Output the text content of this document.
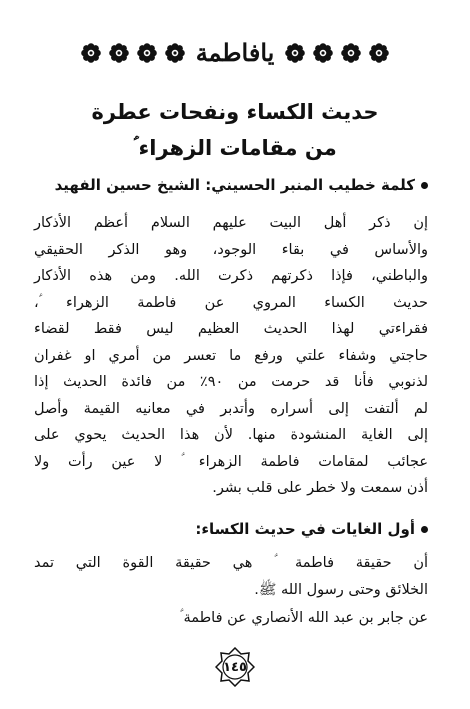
يافاطمة
حديث الكساء ونفحات عطرة
من مقامات الزهراء ؑ
كلمة خطيب المنبر الحسيني: الشيخ حسين الفهيد
إن ذكر أهل البيت عليهم السلام أعظم الأذكار
والأساس في بقاء الوجود، وهو الذكر الحقيقي
والباطني، فإذا ذكرتهم ذكرت الله. ومن هذه الأذكار
حديث الكساء المروي عن فاطمة الزهراء ؑ،
فقراءتي لهذا الحديث العظيم ليس فقط لقضاء
حاجتي وشفاء علتي ورفع ما تعسر من أمري او غفران
لذنوبي فأنا قد حرمت من ٩٠٪ من فائدة الحديث إذا
لم ألتفت إلى أسراره وأتدبر في معانيه القيمة وأصل
إلى الغاية المنشودة منها. لأن هذا الحديث يحوي على
عجائب لمقامات فاطمة الزهراء ؑ لا عين رأت ولا
أذن سمعت ولا خطر على قلب بشر.
أول الغايات في حديث الكساء:
أن حقيقة فاطمة ؑ هي حقيقة القوة التي تمد
الخلائق وحتى رسول الله ﷺ.
عن جابر بن عبد الله الأنصاري عن فاطمة ؑ
١٤٥
